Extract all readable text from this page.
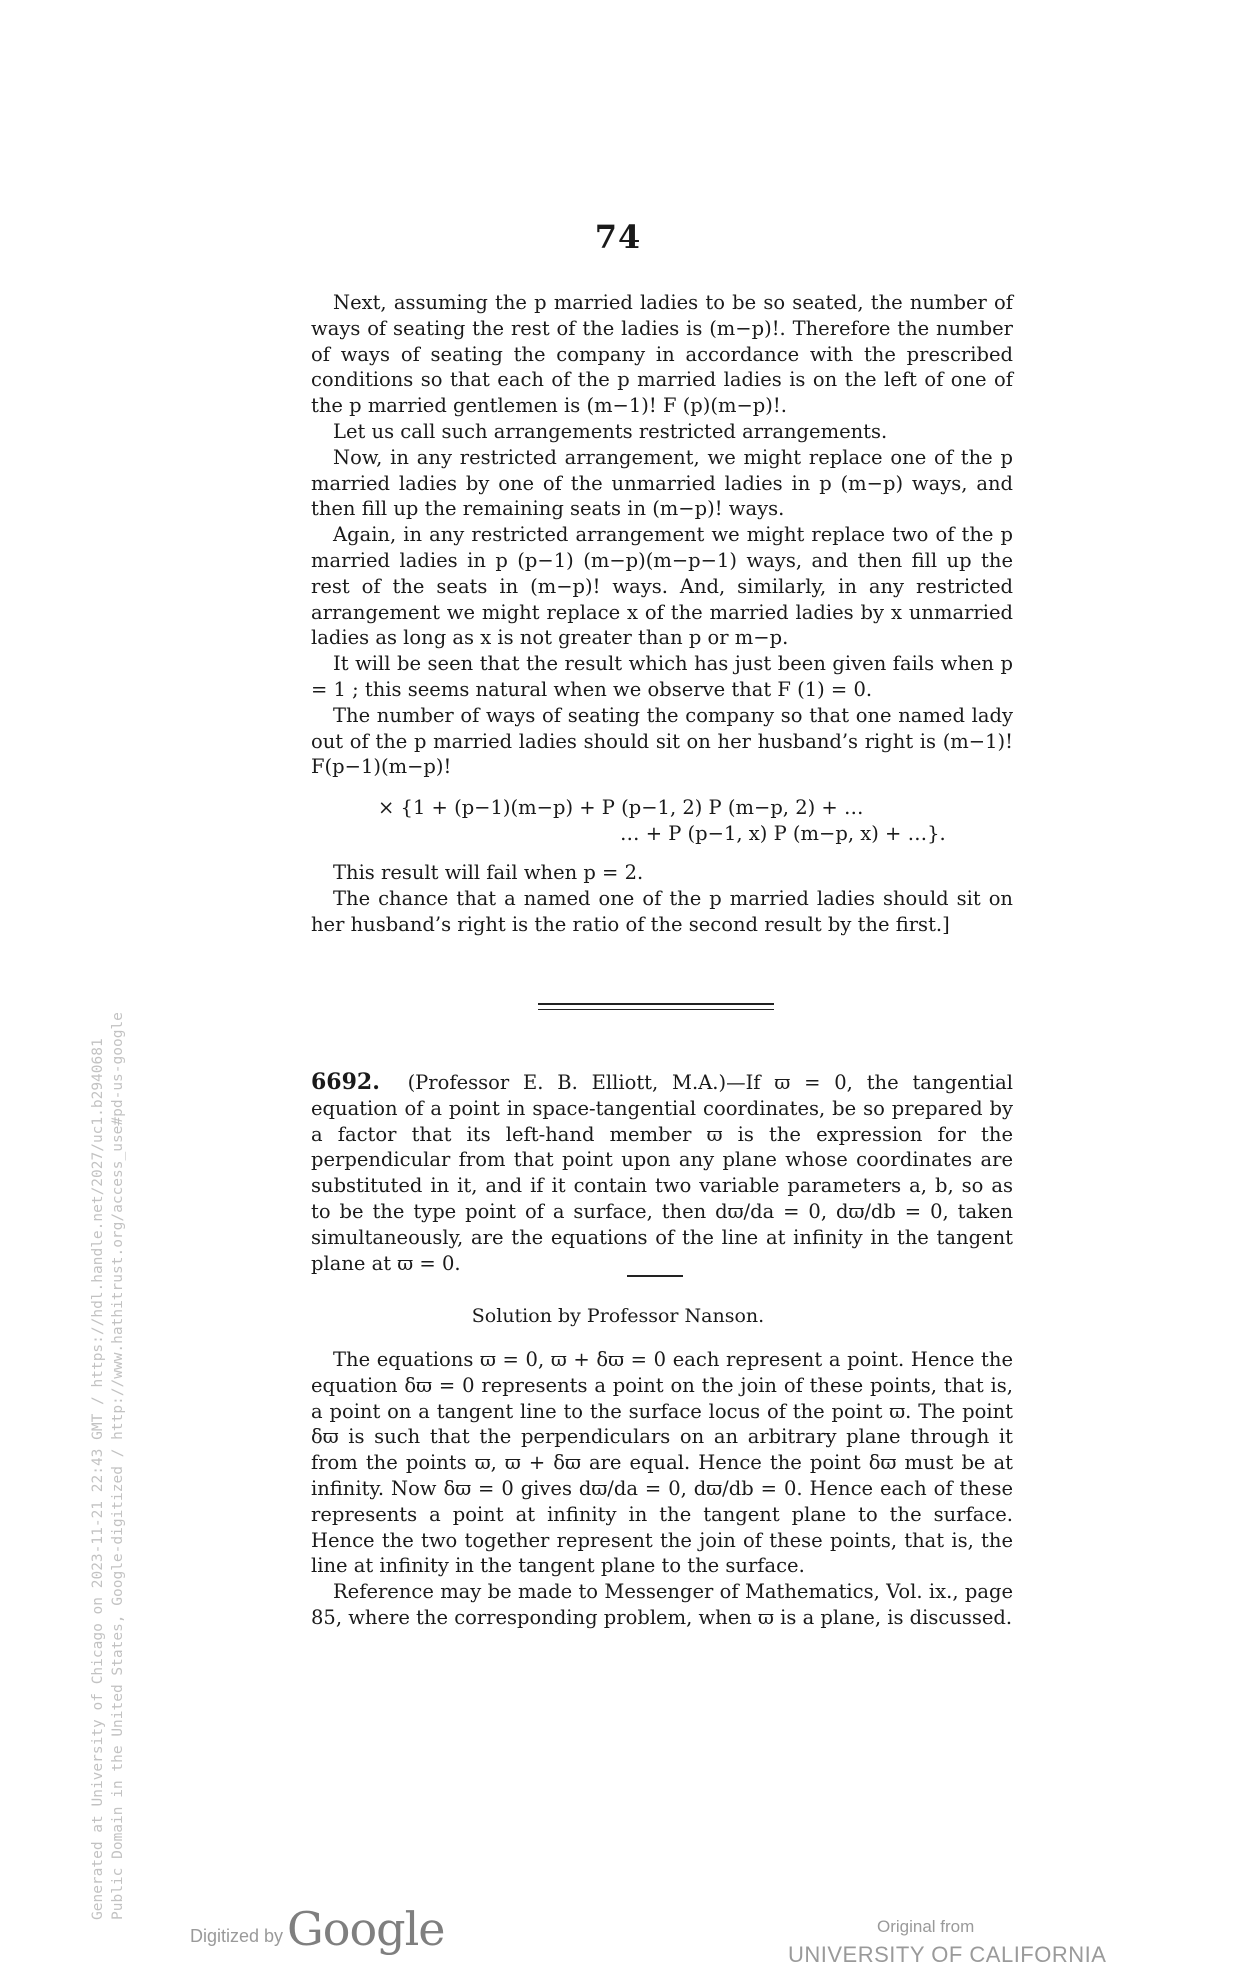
74

Next, assuming the p married ladies to be so seated, the number of ways of seating the rest of the ladies is (m−p)!. Therefore the number of ways of seating the company in accordance with the prescribed conditions so that each of the p married ladies is on the left of one of the p married gentlemen is (m−1)! F (p)(m−p)!.

Let us call such arrangements restricted arrangements.

Now, in any restricted arrangement, we might replace one of the p married ladies by one of the unmarried ladies in p (m−p) ways, and then fill up the remaining seats in (m−p)! ways.

Again, in any restricted arrangement we might replace two of the p married ladies in p (p−1) (m−p)(m−p−1) ways, and then fill up the rest of the seats in (m−p)! ways. And, similarly, in any restricted arrangement we might replace x of the married ladies by x unmarried ladies as long as x is not greater than p or m−p.

It will be seen that the result which has just been given fails when p = 1 ; this seems natural when we observe that F (1) = 0.

The number of ways of seating the company so that one named lady out of the p married ladies should sit on her husband’s right is (m−1)! F(p−1)(m−p)!

× {1 + (p−1)(m−p) + P (p−1, 2) P (m−p, 2) + …
… + P (p−1, x) P (m−p, x) + …}.

This result will fail when p = 2.

The chance that a named one of the p married ladies should sit on her husband’s right is the ratio of the second result by the first.]

6692. (Professor E. B. Elliott, M.A.)—If ϖ = 0, the tangential equation of a point in space-tangential coordinates, be so prepared by a factor that its left-hand member ϖ is the expression for the perpendicular from that point upon any plane whose coordinates are substituted in it, and if it contain two variable parameters a, b, so as to be the type point of a surface, then dϖ/da = 0, dϖ/db = 0, taken simultaneously, are the equations of the line at infinity in the tangent plane at ϖ = 0.

Solution by Professor Nanson.

The equations ϖ = 0, ϖ + δϖ = 0 each represent a point. Hence the equation δϖ = 0 represents a point on the join of these points, that is, a point on a tangent line to the surface locus of the point ϖ. The point δϖ is such that the perpendiculars on an arbitrary plane through it from the points ϖ, ϖ + δϖ are equal. Hence the point δϖ must be at infinity. Now δϖ = 0 gives dϖ/da = 0, dϖ/db = 0. Hence each of these represents a point at infinity in the tangent plane to the surface. Hence the two together represent the join of these points, that is, the line at infinity in the tangent plane to the surface.

Reference may be made to Messenger of Mathematics, Vol. ix., page 85, where the corresponding problem, when ϖ is a plane, is discussed.

Generated at University of Chicago on 2023-11-21 22:43 GMT / https://hdl.handle.net/2027/uc1.b2940681 Public Domain in the United States, Google-digitized / http://www.hathitrust.org/access_use#pd-us-google
Digitized by Google	Original from
UNIVERSITY OF CALIFORNIA
